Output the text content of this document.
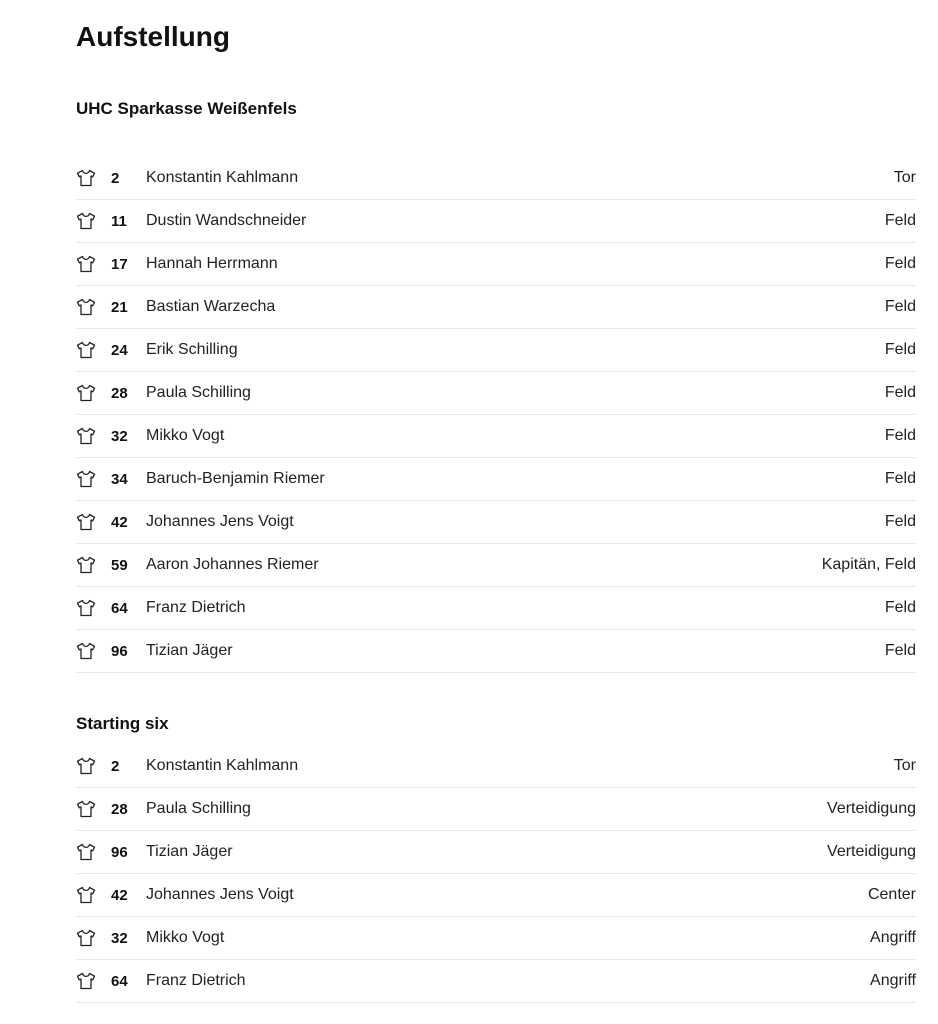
Aufstellung
UHC Sparkasse Weißenfels
2	Konstantin Kahlmann	Tor
11	Dustin Wandschneider	Feld
17	Hannah Herrmann	Feld
21	Bastian Warzecha	Feld
24	Erik Schilling	Feld
28	Paula Schilling	Feld
32	Mikko Vogt	Feld
34	Baruch-Benjamin Riemer	Feld
42	Johannes Jens Voigt	Feld
59	Aaron Johannes Riemer	Kapitän, Feld
64	Franz Dietrich	Feld
96	Tizian Jäger	Feld
Starting six
2	Konstantin Kahlmann	Tor
28	Paula Schilling	Verteidigung
96	Tizian Jäger	Verteidigung
42	Johannes Jens Voigt	Center
32	Mikko Vogt	Angriff
64	Franz Dietrich	Angriff
